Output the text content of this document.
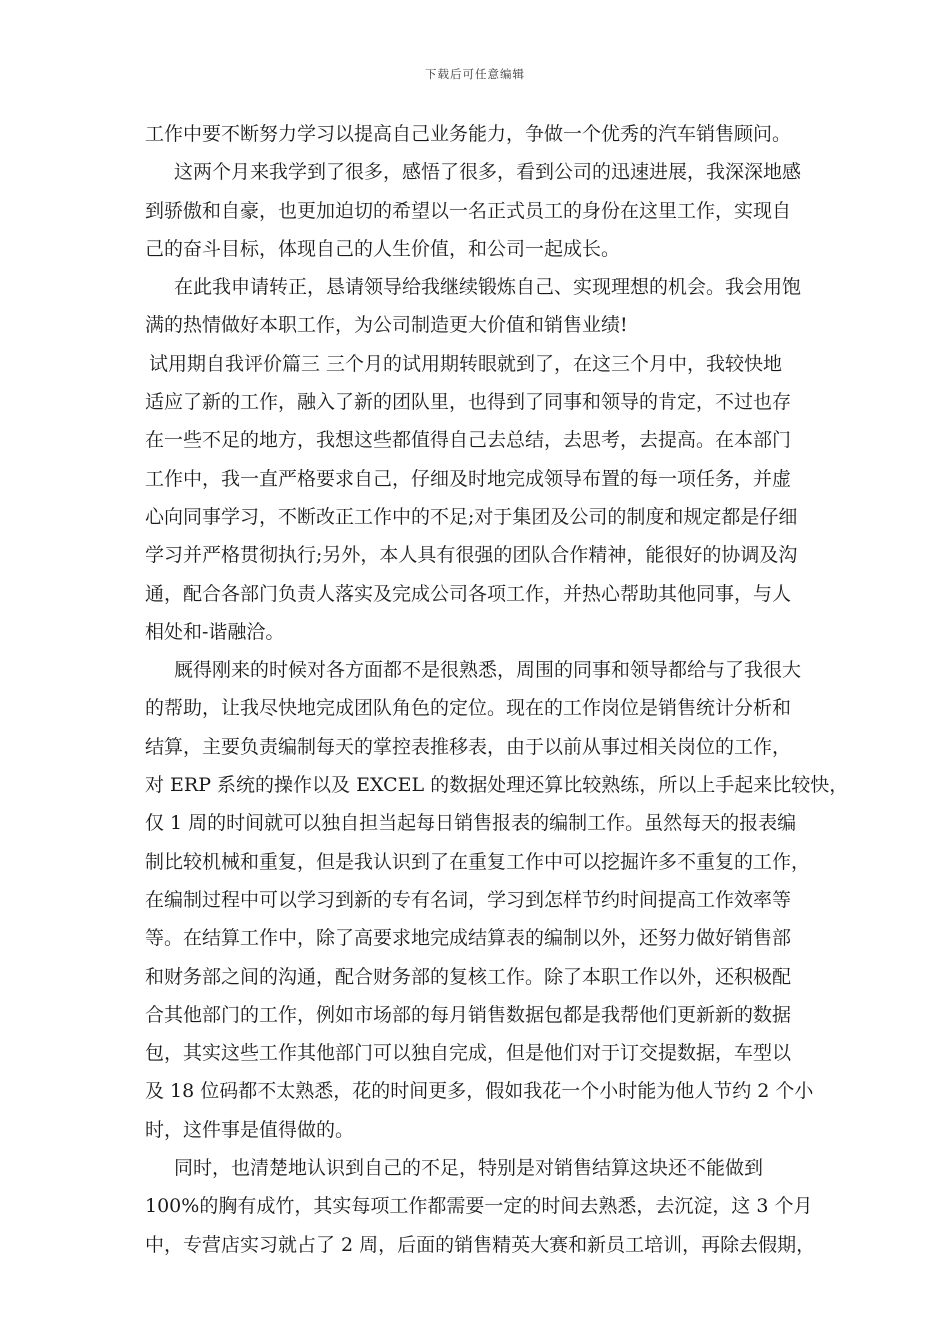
下载后可任意编辑
工作中要不断努力学习以提高自己业务能力，争做一个优秀的汽车销售顾问。
这两个月来我学到了很多，感悟了很多，看到公司的迅速进展，我深深地感
到骄傲和自豪，也更加迫切的希望以一名正式员工的身份在这里工作，实现自
己的奋斗目标，体现自己的人生价值，和公司一起成长。
在此我申请转正，恳请领导给我继续锻炼自己、实现理想的机会。我会用饱
满的热情做好本职工作，为公司制造更大价值和销售业绩!
试用期自我评价篇三 三个月的试用期转眼就到了，在这三个月中，我较快地
适应了新的工作，融入了新的团队里，也得到了同事和领导的肯定，不过也存
在一些不足的地方，我想这些都值得自己去总结，去思考，去提高。在本部门
工作中，我一直严格要求自己，仔细及时地完成领导布置的每一项任务，并虚
心向同事学习，不断改正工作中的不足;对于集团及公司的制度和规定都是仔细
学习并严格贯彻执行;另外，本人具有很强的团队合作精神，能很好的协调及沟
通，配合各部门负责人落实及完成公司各项工作，并热心帮助其他同事，与人
相处和-谐融洽。
厩得刚来的时候对各方面都不是很熟悉，周围的同事和领导都给与了我很大
的帮助，让我尽快地完成团队角色的定位。现在的工作岗位是销售统计分析和
结算，主要负责编制每天的掌控表推移表，由于以前从事过相关岗位的工作，
对 ERP 系统的操作以及 EXCEL 的数据处理还算比较熟练，所以上手起来比较快，
仅 1 周的时间就可以独自担当起每日销售报表的编制工作。虽然每天的报表编
制比较机械和重复，但是我认识到了在重复工作中可以挖掘许多不重复的工作，
在编制过程中可以学习到新的专有名词，学习到怎样节约时间提高工作效率等
等。在结算工作中，除了高要求地完成结算表的编制以外，还努力做好销售部
和财务部之间的沟通，配合财务部的复核工作。除了本职工作以外，还积极配
合其他部门的工作，例如市场部的每月销售数据包都是我帮他们更新新的数据
包，其实这些工作其他部门可以独自完成，但是他们对于订交提数据，车型以
及 18 位码都不太熟悉，花的时间更多，假如我花一个小时能为他人节约 2 个小
时，这件事是值得做的。
同时，也清楚地认识到自己的不足，特别是对销售结算这块还不能做到
100%的胸有成竹，其实每项工作都需要一定的时间去熟悉，去沉淀，这 3 个月
中，专营店实习就占了 2 周，后面的销售精英大赛和新员工培训，再除去假期，
